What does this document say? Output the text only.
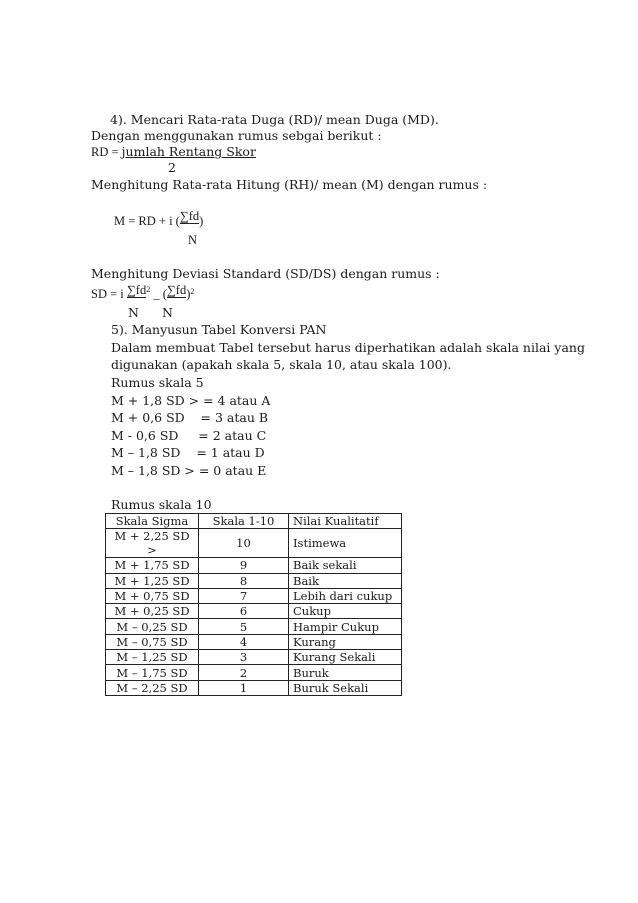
4). Mencari Rata-rata Duga (RD)/ mean Duga (MD).
Dengan menggunakan rumus sebgai berikut :
RD = jumlah Rentang Skor
2
Menghitung Rata-rata Hitung (RH)/ mean (M) dengan rumus :
M = RD + i (∑fd)
N
Menghitung Deviasi Standard (SD/DS) dengan rumus :
SD = i $\sum fd^2$ _ $(\sum fd)^2$
N N
5). Manyusun Tabel Konversi PAN
Dalam membuat Tabel tersebut harus diperhatikan adalah skala nilai yang
digunakan (apakah skala 5, skala 10, atau skala 100).
Rumus skala 5
M + 1,8 SD > = 4 atau A
M + 0,6 SD    = 3 atau B
M - 0,6 SD     = 2 atau C
M – 1,8 SD    = 1 atau D
M – 1,8 SD > = 0 atau E
Rumus skala 10
Skala Sigma	Skala 1-10	Nilai Kualitatif
M + 2,25 SD >	10	Istimewa
M + 1,75 SD	9	Baik sekali
M + 1,25 SD	8	Baik
M + 0,75 SD	7	Lebih dari cukup
M + 0,25 SD	6	Cukup
M – 0,25 SD	5	Hampir Cukup
M – 0,75 SD	4	Kurang
M – 1,25 SD	3	Kurang Sekali
M – 1,75 SD	2	Buruk
M – 2,25 SD	1	Buruk Sekali
